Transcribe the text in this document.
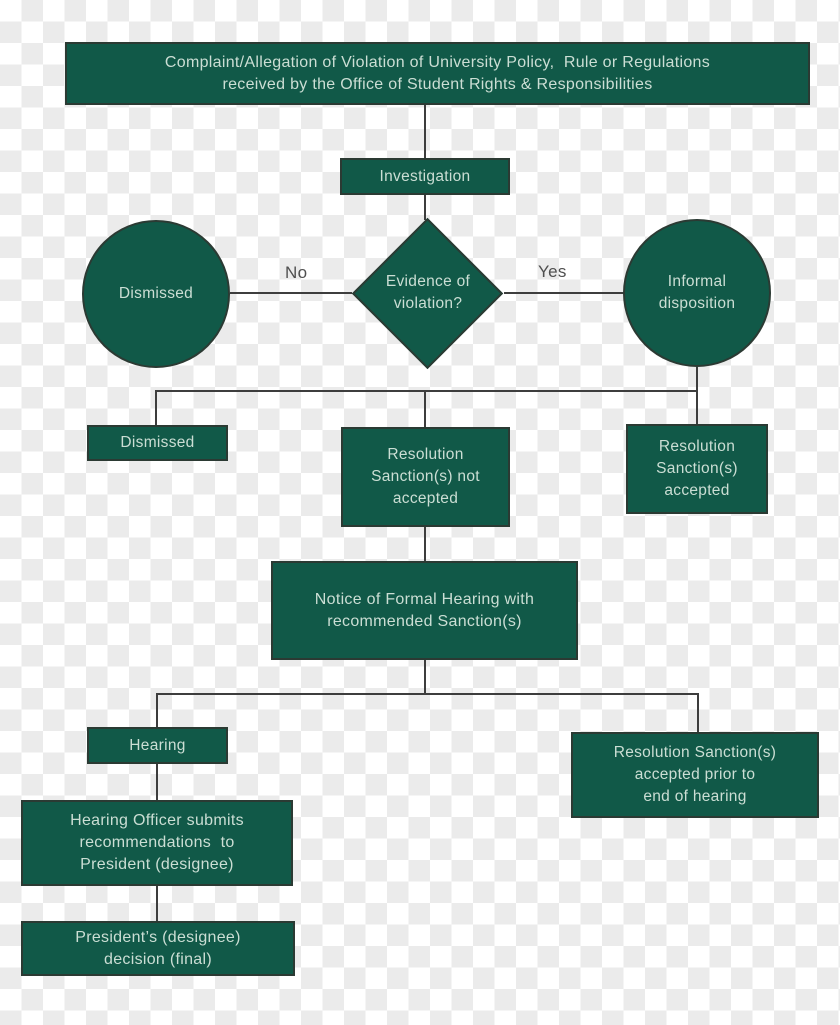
No	Yes
Complaint/Allegation of Violation of University Policy,  Rule or Regulations
received by the Office of Student Rights & Responsibilities
Investigation
Evidence of
violation?
Dismissed
Informal
disposition
Dismissed
Resolution
Sanction(s) not
accepted
Resolution
Sanction(s)
accepted
Notice of Formal Hearing with
recommended Sanction(s)
Hearing	Resolution Sanction(s)
accepted prior to
end of hearing
Hearing Officer submits
recommendations  to
President (designee)
President’s (designee)
decision (final)
